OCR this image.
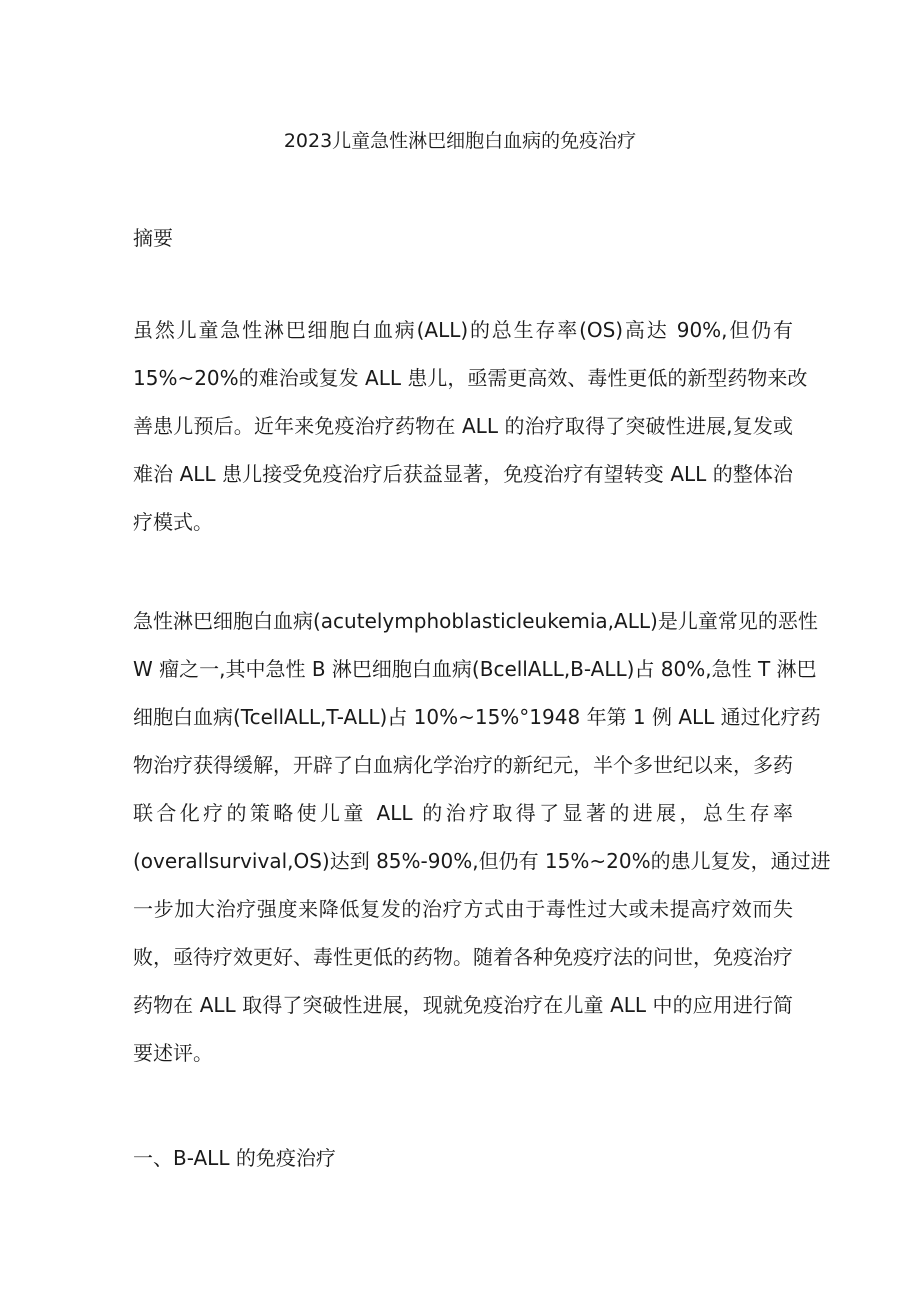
2023儿童急性淋巴细胞白血病的免疫治疗
摘要
虽然儿童急性淋巴细胞白血病(ALL)的总生存率(OS)高达 90%,但仍有
15%~20%的难治或复发 ALL 患儿，亟需更高效、毒性更低的新型药物来改
善患儿预后。近年来免疫治疗药物在 ALL 的治疗取得了突破性进展,复发或
难治 ALL 患儿接受免疫治疗后获益显著，免疫治疗有望转变 ALL 的整体治
疗模式。
急性淋巴细胞白血病(acutelymphoblasticleukemia,ALL)是儿童常见的恶性
W 瘤之一,其中急性 B 淋巴细胞白血病(BcellALL,B-ALL)占 80%,急性 T 淋巴
细胞白血病(TcellALL,T-ALL)占 10%~15%°1948 年第 1 例 ALL 通过化疗药
物治疗获得缓解，开辟了白血病化学治疗的新纪元，半个多世纪以来，多药
联合化疗的策略使儿童 ALL 的治疗取得了显著的进展，总生存率
(overallsurvival,OS)达到 85%-90%,但仍有 15%~20%的患儿复发，通过进
一步加大治疗强度来降低复发的治疗方式由于毒性过大或未提高疗效而失
败，亟待疗效更好、毒性更低的药物。随着各种免疫疗法的问世，免疫治疗
药物在 ALL 取得了突破性进展，现就免疫治疗在儿童 ALL 中的应用进行简
要述评。
一、B-ALL 的免疫治疗
